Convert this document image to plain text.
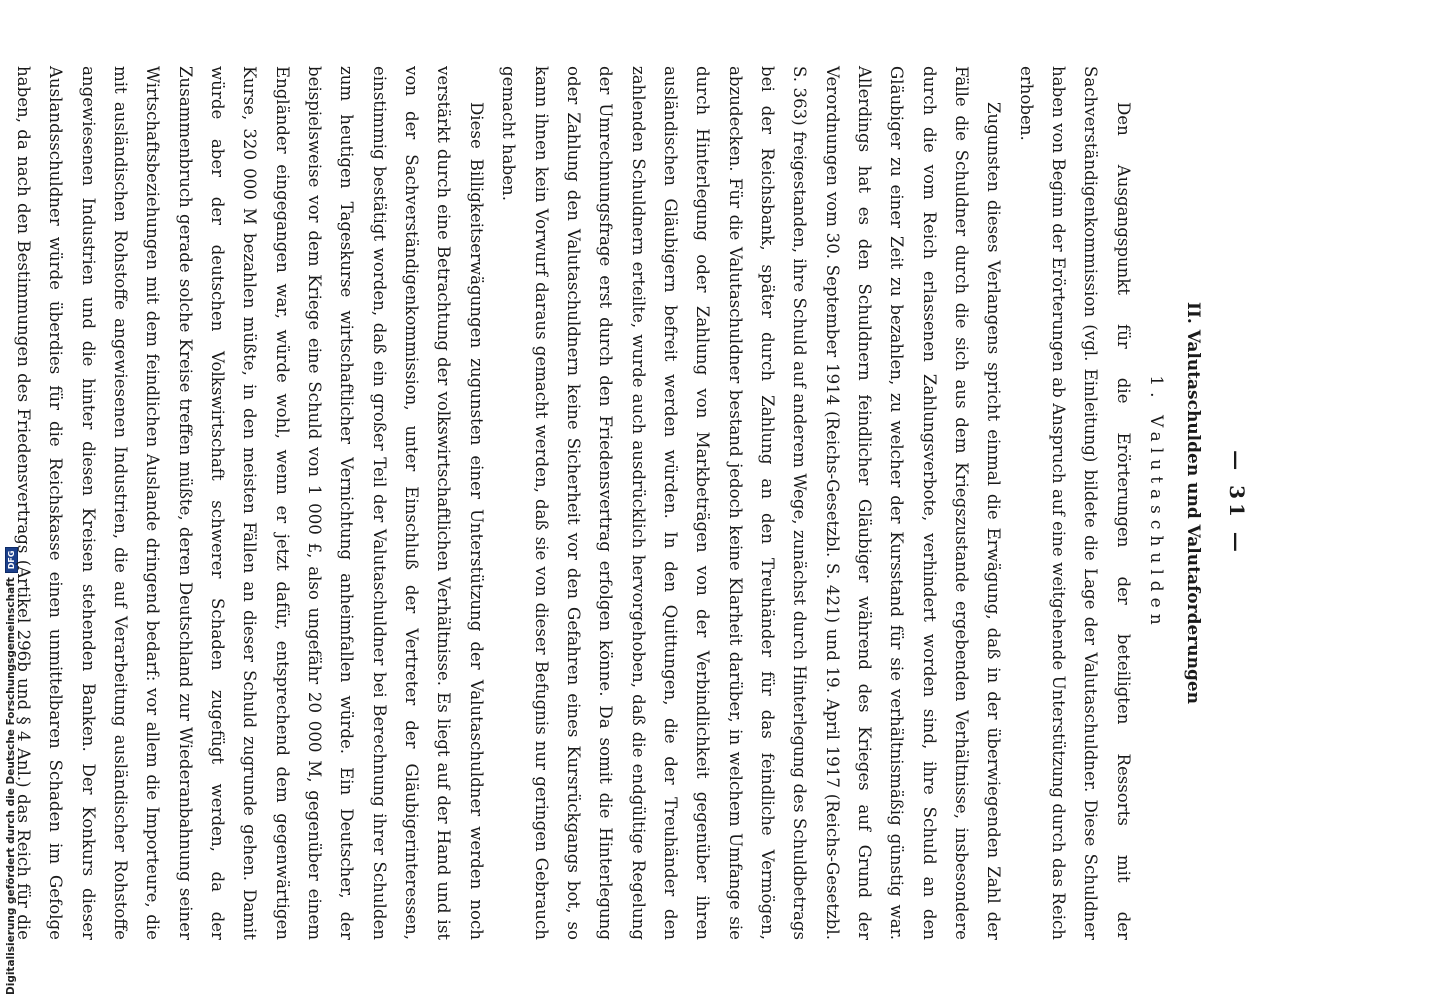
Digitalisierung gefördert durch die Deutsche Forschungsgemeinschaft
DFG
— 31 —
II. Valutaschulden und Valutaforderungen
1. Valutaschulden

Den Ausgangspunkt für die Erörterungen der beteiligten Ressorts mit der Sachverständigenkommission (vgl. Einleitung) bildete die Lage der Valutaschuldner. Diese Schuldner haben von Beginn der Erörterungen ab Anspruch auf eine weitgehende Unterstützung durch das Reich erhoben.

Zugunsten dieses Verlangens spricht einmal die Erwägung, daß in der überwiegenden Zahl der Fälle die Schuldner durch die sich aus dem Kriegszustande ergebenden Verhältnisse, insbesondere durch die vom Reich erlassenen Zahlungsverbote, verhindert worden sind, ihre Schuld an den Gläubiger zu einer Zeit zu bezahlen, zu welcher der Kursstand für sie verhältnismäßig günstig war. Allerdings hat es den Schuldnern feindlicher Gläubiger während des Krieges auf Grund der Verordnungen vom 30. September 1914 (Reichs-Gesetzbl. S. 421) und 19. April 1917 (Reichs-Gesetzbl. S. 363) freigestanden, ihre Schuld auf anderem Wege, zunächst durch Hinterlegung des Schuldbetrags bei der Reichsbank, später durch Zahlung an den Treuhänder für das feindliche Vermögen, abzudecken. Für die Valutaschuldner bestand jedoch keine Klarheit darüber, in welchem Umfange sie durch Hinterlegung oder Zahlung von Markbeträgen von der Verbindlichkeit gegenüber ihren ausländischen Gläubigern befreit werden würden. In den Quittungen, die der Treuhänder den zahlenden Schuldnern erteilte, wurde auch ausdrücklich hervorgehoben, daß die endgültige Regelung der Umrechnungsfrage erst durch den Friedensvertrag erfolgen könne. Da somit die Hinterlegung oder Zahlung den Valutaschuldnern keine Sicherheit vor den Gefahren eines Kursrückgangs bot, so kann ihnen kein Vorwurf daraus gemacht werden, daß sie von dieser Befugnis nur geringen Gebrauch gemacht haben.

Diese Billigkeitserwägungen zugunsten einer Unterstützung der Valutaschuldner werden noch verstärkt durch eine Betrachtung der volkswirtschaftlichen Verhältnisse. Es liegt auf der Hand und ist von der Sachverständigenkommission, unter Einschluß der Vertreter der Gläubigerinteressen, einstimmig bestätigt worden, daß ein großer Teil der Valutaschuldner bei Berechnung ihrer Schulden zum heutigen Tageskurse wirtschaftlicher Vernichtung anheimfallen würde. Ein Deutscher, der beispielsweise vor dem Kriege eine Schuld von 1 000 £, also ungefähr 20 000 M, gegenüber einem Engländer eingegangen war, würde wohl, wenn er jetzt dafür, entsprechend dem gegenwärtigen Kurse, 320 000 M bezahlen müßte, in den meisten Fällen an dieser Schuld zugrunde gehen. Damit würde aber der deutschen Volkswirtschaft schwerer Schaden zugefügt werden, da der Zusammenbruch gerade solche Kreise treffen müßte, deren Deutschland zur Wiederanbahnung seiner Wirtschaftsbeziehungen mit dem feindlichen Auslande dringend bedarf: vor allem die Importeure, die mit ausländischen Rohstoffe angewiesenen Industrien, die auf Verarbeitung ausländischer Rohstoffe angewiesenen Industrien und die hinter diesen Kreisen stehenden Banken. Der Konkurs dieser Auslandsschuldner würde überdies für die Reichskasse einen unmittelbaren Schaden im Gefolge haben, da nach den Bestimmungen des Friedensvertrags (Artikel 296b und § 4 Anl.) das Reich für die
